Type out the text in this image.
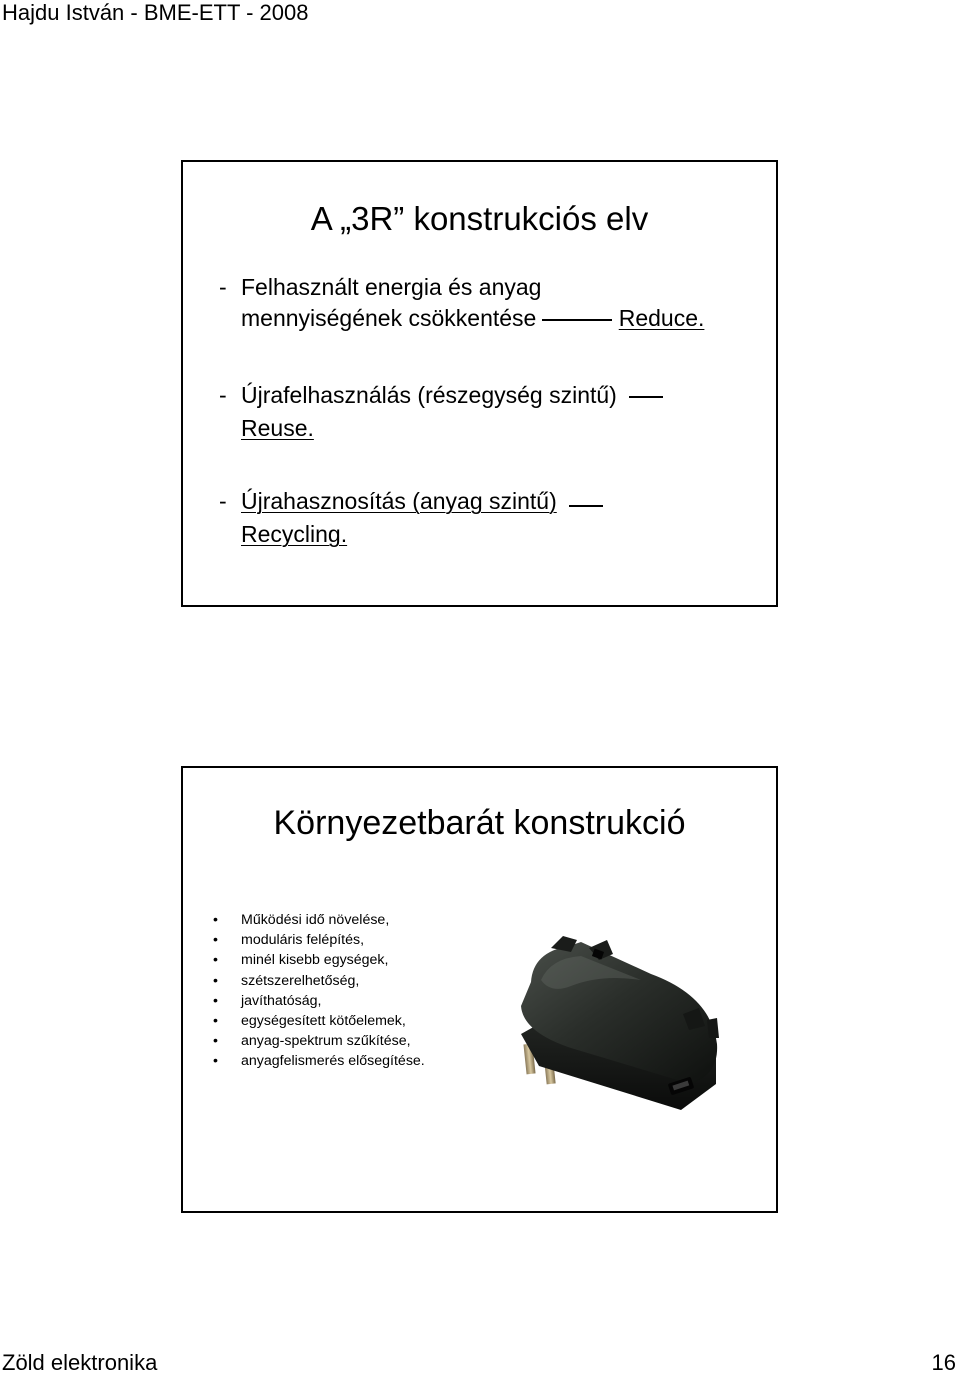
Hajdu István - BME-ETT - 2008
A „3R” konstrukciós elv
- Felhasznált energia és anyag
mennyiségének csökkentése	Reduce.
- Újrafelhasználás (részegység szintű)
Reuse.
- Újrahasznosítás (anyag szintű)
Recycling.
Környezetbarát konstrukció
• Működési idő növelése,
• moduláris felépítés,
• minél kisebb egységek,
• szétszerelhetőség,
• javíthatóság,
• egységesített kötőelemek,
• anyag-spektrum szűkítése,
• anyagfelismerés elősegítése.
Zöld elektronika	16
